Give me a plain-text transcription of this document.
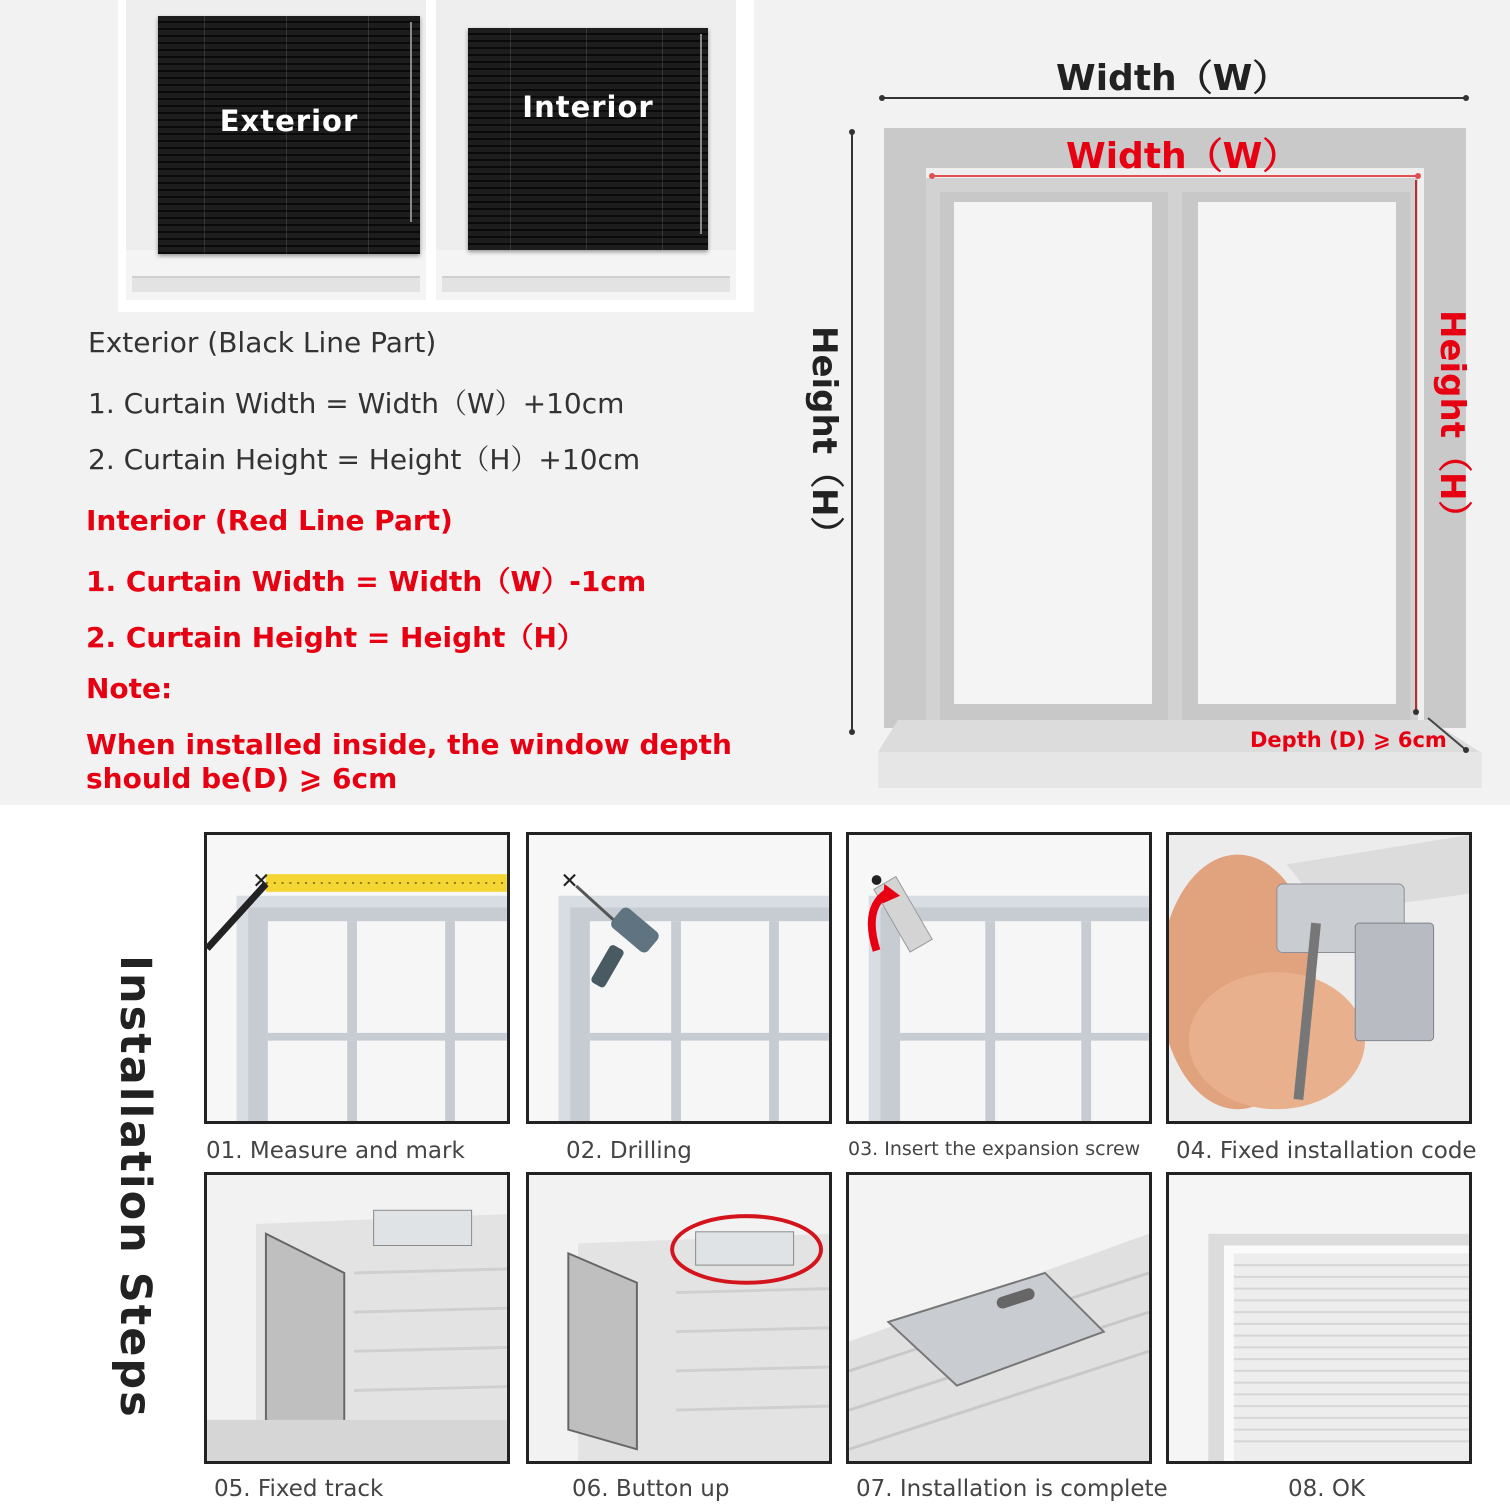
Exterior	Interior
Exterior (Black Line Part)
1. Curtain Width = Width（W）+10cm
2. Curtain Height = Height（H）+10cm
Interior (Red Line Part)
1. Curtain Width = Width（W）-1cm
2. Curtain Height = Height（H）
Note:
When installed inside, the window depth
should be(D) ⩾ 6cm
Width（W）
Width（W）
Height（H）	Height（H）
Depth (D) ⩾ 6cm
Installation Steps
✕
01. Measure and mark
✕
02. Drilling	03. Insert the expansion screw 04. Fixed installation code
05. Fixed track	06. Button up	07. Installation is complete	08. OK
